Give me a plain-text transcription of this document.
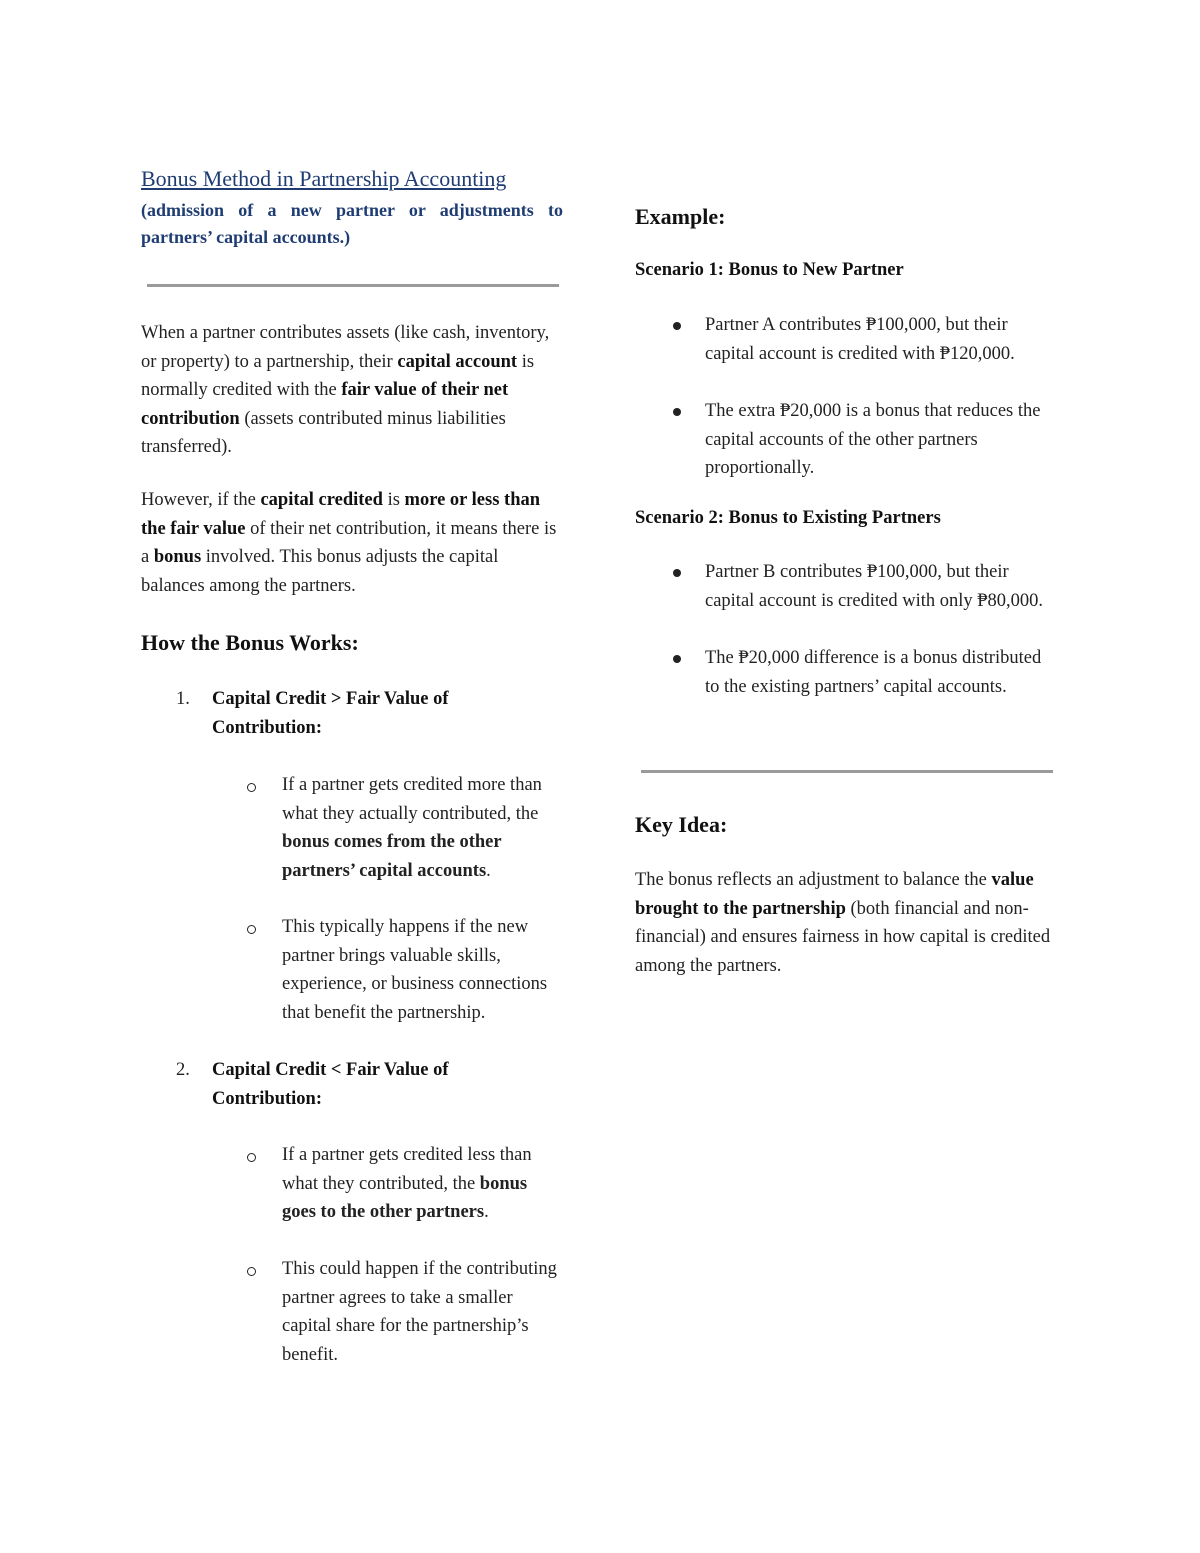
Bonus Method in Partnership Accounting
(admission of a new partner or adjustments to partners’ capital accounts.)
When a partner contributes assets (like cash, inventory, or property) to a partnership, their capital account is normally credited with the fair value of their net contribution (assets contributed minus liabilities transferred).
However, if the capital credited is more or less than the fair value of their net contribution, it means there is a bonus involved. This bonus adjusts the capital balances among the partners.
How the Bonus Works:
1. Capital Credit > Fair Value of Contribution:
If a partner gets credited more than what they actually contributed, the bonus comes from the other partners’ capital accounts.
This typically happens if the new partner brings valuable skills, experience, or business connections that benefit the partnership.
2. Capital Credit < Fair Value of Contribution:
If a partner gets credited less than what they contributed, the bonus goes to the other partners.
This could happen if the contributing partner agrees to take a smaller capital share for the partnership’s benefit.
Example:
Scenario 1: Bonus to New Partner
Partner A contributes ₱100,000, but their capital account is credited with ₱120,000.
The extra ₱20,000 is a bonus that reduces the capital accounts of the other partners proportionally.
Scenario 2: Bonus to Existing Partners
Partner B contributes ₱100,000, but their capital account is credited with only ₱80,000.
The ₱20,000 difference is a bonus distributed to the existing partners’ capital accounts.
Key Idea:
The bonus reflects an adjustment to balance the value brought to the partnership (both financial and non-financial) and ensures fairness in how capital is credited among the partners.
